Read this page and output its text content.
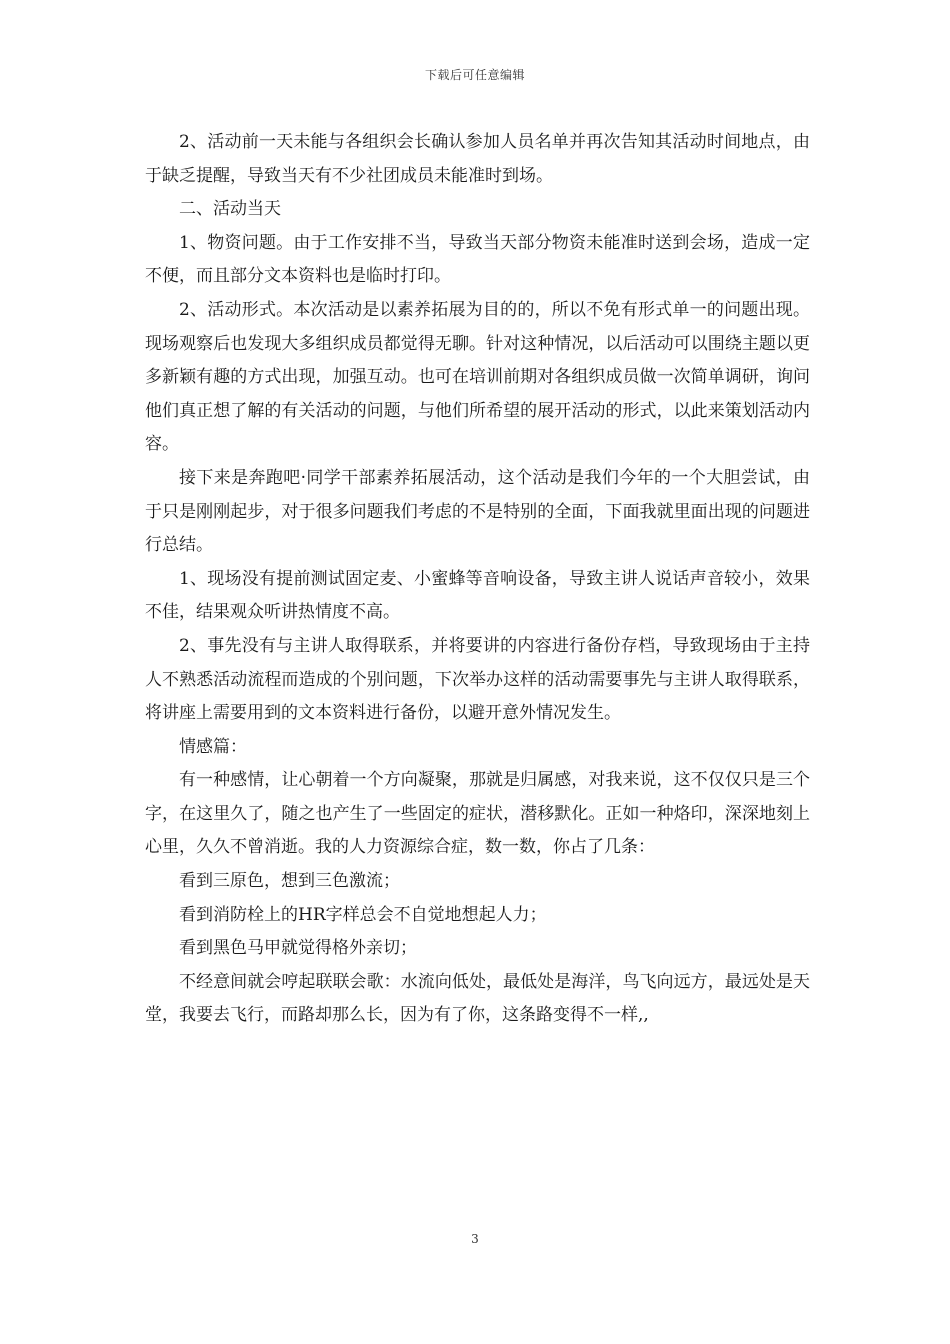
下载后可任意编辑

2、活动前一天未能与各组织会长确认参加人员名单并再次告知其活动时间地点，由于缺乏提醒，导致当天有不少社团成员未能准时到场。

二、活动当天

1、物资问题。由于工作安排不当，导致当天部分物资未能准时送到会场，造成一定不便，而且部分文本资料也是临时打印。

2、活动形式。本次活动是以素养拓展为目的的，所以不免有形式单一的问题出现。现场观察后也发现大多组织成员都觉得无聊。针对这种情况，以后活动可以围绕主题以更多新颖有趣的方式出现，加强互动。也可在培训前期对各组织成员做一次简单调研，询问他们真正想了解的有关活动的问题，与他们所希望的展开活动的形式，以此来策划活动内容。

接下来是奔跑吧·同学干部素养拓展活动，这个活动是我们今年的一个大胆尝试，由于只是刚刚起步，对于很多问题我们考虑的不是特别的全面，下面我就里面出现的问题进行总结。

1、现场没有提前测试固定麦、小蜜蜂等音响设备，导致主讲人说话声音较小，效果不佳，结果观众听讲热情度不高。

2、事先没有与主讲人取得联系，并将要讲的内容进行备份存档，导致现场由于主持人不熟悉活动流程而造成的个别问题，下次举办这样的活动需要事先与主讲人取得联系，将讲座上需要用到的文本资料进行备份，以避开意外情况发生。

情感篇：

有一种感情，让心朝着一个方向凝聚，那就是归属感，对我来说，这不仅仅只是三个字，在这里久了，随之也产生了一些固定的症状，潜移默化。正如一种烙印，深深地刻上心里，久久不曾消逝。我的人力资源综合症，数一数，你占了几条：

看到三原色，想到三色激流；

看到消防栓上的HR字样总会不自觉地想起人力；

看到黑色马甲就觉得格外亲切；

不经意间就会哼起联联会歌：水流向低处，最低处是海洋，鸟飞向远方，最远处是天堂，我要去飞行，而路却那么长，因为有了你，这条路变得不一样,,

3
